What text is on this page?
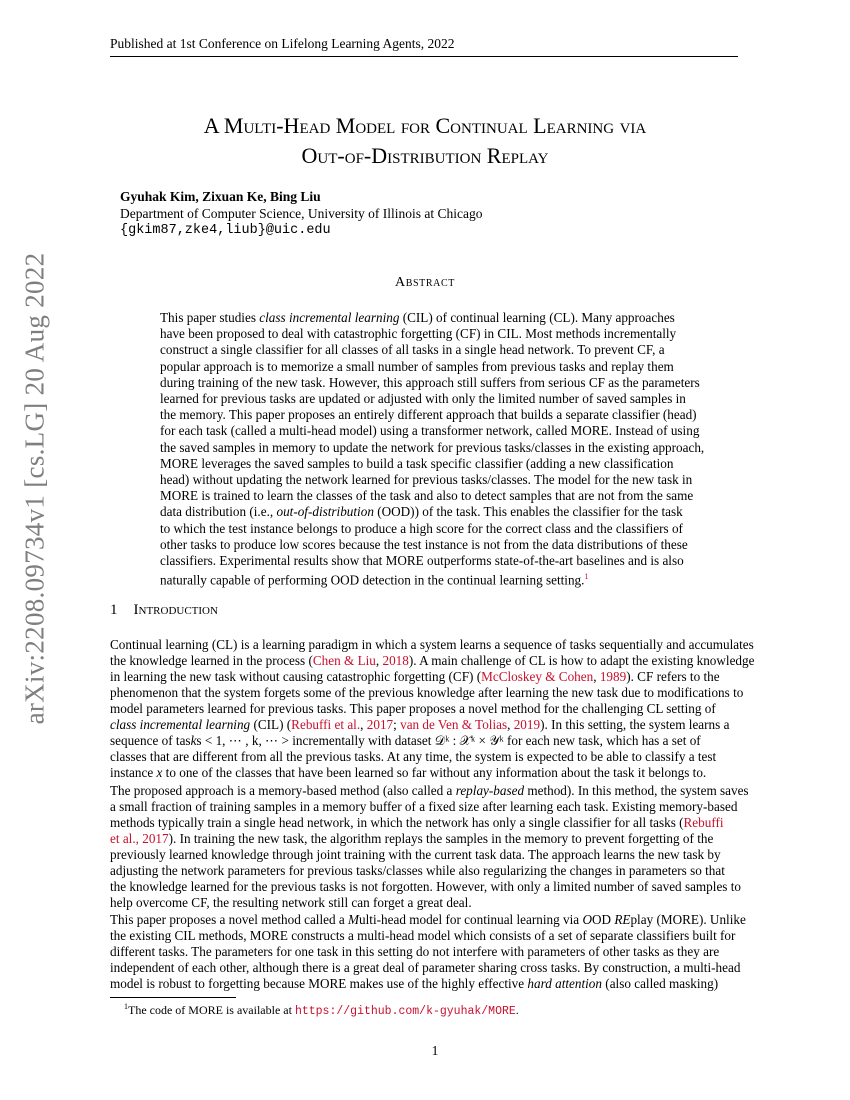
Published at 1st Conference on Lifelong Learning Agents, 2022
A Multi-Head Model for Continual Learning via
Out-of-Distribution Replay
Gyuhak Kim, Zixuan Ke, Bing Liu
Department of Computer Science, University of Illinois at Chicago
{gkim87,zke4,liub}@uic.edu
Abstract
This paper studies class incremental learning (CIL) of continual learning (CL). Many approaches
have been proposed to deal with catastrophic forgetting (CF) in CIL. Most methods incrementally
construct a single classifier for all classes of all tasks in a single head network. To prevent CF, a
popular approach is to memorize a small number of samples from previous tasks and replay them
during training of the new task. However, this approach still suffers from serious CF as the parameters
learned for previous tasks are updated or adjusted with only the limited number of saved samples in
the memory. This paper proposes an entirely different approach that builds a separate classifier (head)
for each task (called a multi-head model) using a transformer network, called MORE. Instead of using
the saved samples in memory to update the network for previous tasks/classes in the existing approach,
MORE leverages the saved samples to build a task specific classifier (adding a new classification
head) without updating the network learned for previous tasks/classes. The model for the new task in
MORE is trained to learn the classes of the task and also to detect samples that are not from the same
data distribution (i.e., out-of-distribution (OOD)) of the task. This enables the classifier for the task
to which the test instance belongs to produce a high score for the correct class and the classifiers of
other tasks to produce low scores because the test instance is not from the data distributions of these
classifiers. Experimental results show that MORE outperforms state-of-the-art baselines and is also
naturally capable of performing OOD detection in the continual learning setting.$^1$
1 Introduction
Continual learning (CL) is a learning paradigm in which a system learns a sequence of tasks sequentially and accumulates
the knowledge learned in the process (Chen & Liu, 2018). A main challenge of CL is how to adapt the existing knowledge
in learning the new task without causing catastrophic forgetting (CF) (McCloskey & Cohen, 1989). CF refers to the
phenomenon that the system forgets some of the previous knowledge after learning the new task due to modifications to
model parameters learned for previous tasks. This paper proposes a novel method for the challenging CL setting of
class incremental learning (CIL) (Rebuffi et al., 2017; van de Ven & Tolias, 2019). In this setting, the system learns a
sequence of tasks < 1, ⋯ , k, ⋯ > incrementally with dataset 𝒟ᵏ : 𝒳ᵏ × 𝒴ᵏ for each new task, which has a set of
classes that are different from all the previous tasks. At any time, the system is expected to be able to classify a test
instance x to one of the classes that have been learned so far without any information about the task it belongs to.
The proposed approach is a memory-based method (also called a replay-based method). In this method, the system saves
a small fraction of training samples in a memory buffer of a fixed size after learning each task. Existing memory-based
methods typically train a single head network, in which the network has only a single classifier for all tasks (Rebuffi
et al., 2017). In training the new task, the algorithm replays the samples in the memory to prevent forgetting of the
previously learned knowledge through joint training with the current task data. The approach learns the new task by
adjusting the network parameters for previous tasks/classes while also regularizing the changes in parameters so that
the knowledge learned for the previous tasks is not forgotten. However, with only a limited number of saved samples to
help overcome CF, the resulting network still can forget a great deal.
This paper proposes a novel method called a Multi-head model for continual learning via OOD REplay (MORE). Unlike
the existing CIL methods, MORE constructs a multi-head model which consists of a set of separate classifiers built for
different tasks. The parameters for one task in this setting do not interfere with parameters of other tasks as they are
independent of each other, although there is a great deal of parameter sharing cross tasks. By construction, a multi-head
model is robust to forgetting because MORE makes use of the highly effective hard attention (also called masking)
$^1$The code of MORE is available at https://github.com/k-gyuhak/MORE.
1
arXiv:2208.09734v1 [cs.LG] 20 Aug 2022
